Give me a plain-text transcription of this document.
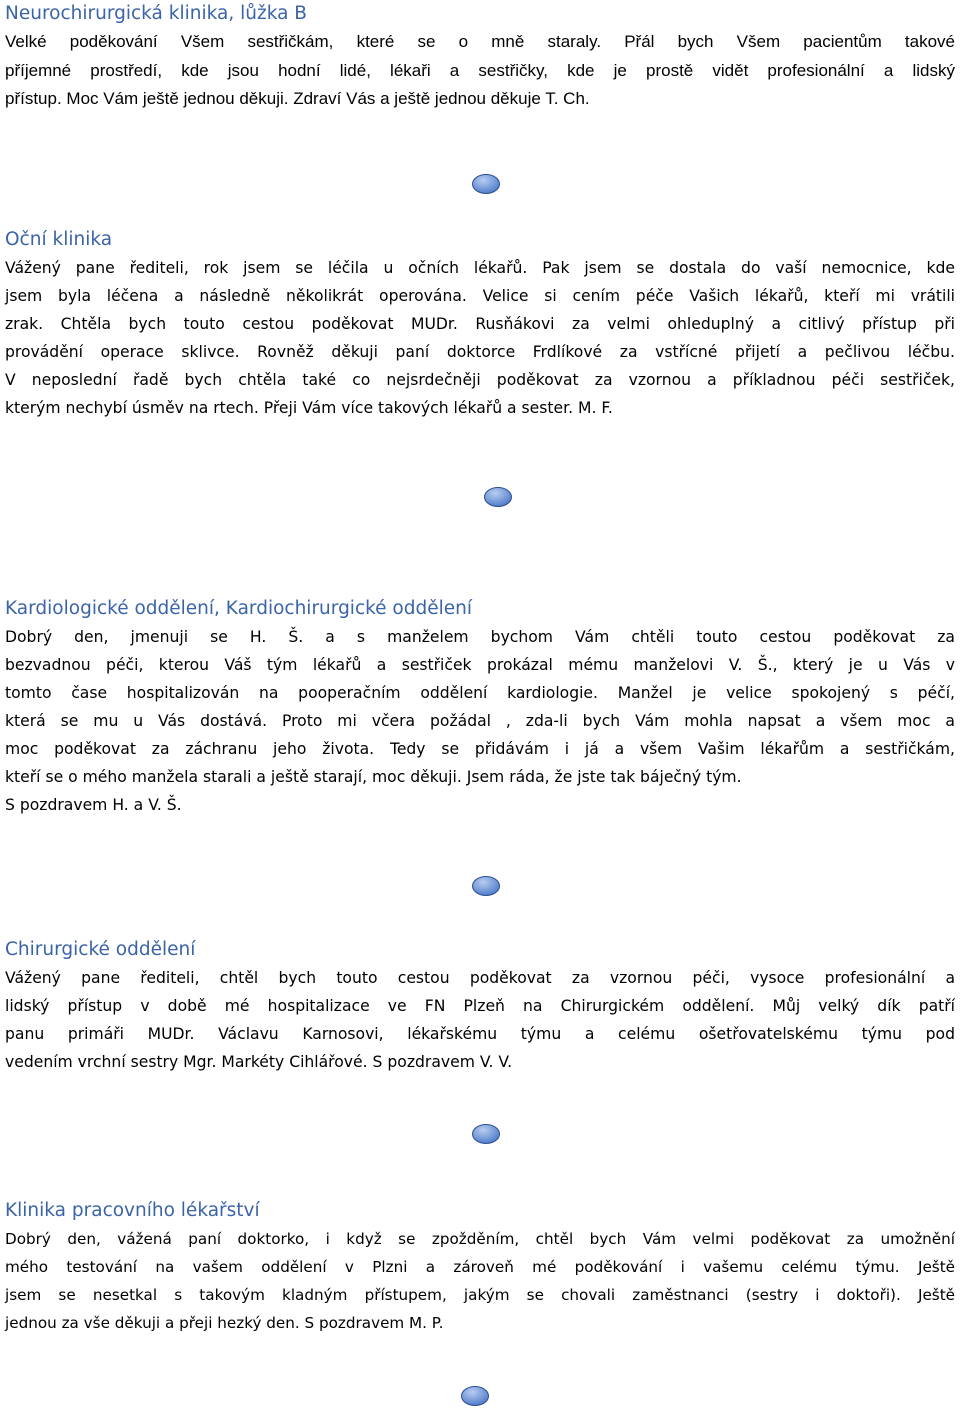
Neurochirurgická klinika, lůžka B
Velké poděkování Všem sestřičkám, které se o mně staraly. Přál bych Všem pacientům takové
příjemné prostředí, kde jsou hodní lidé, lékaři a sestřičky, kde je prostě vidět profesionální a lidský
přístup. Moc Vám ještě jednou děkuji. Zdraví Vás a ještě jednou děkuje T. Ch.
Oční klinika
Vážený pane řediteli, rok jsem se léčila u očních lékařů. Pak jsem se dostala do vaší nemocnice, kde
jsem byla léčena a následně několikrát operována. Velice si cením péče Vašich lékařů, kteří mi vrátili
zrak. Chtěla bych touto cestou poděkovat MUDr. Rusňákovi za velmi ohleduplný a citlivý přístup při
provádění operace sklivce. Rovněž děkuji paní doktorce Frdlíkové za vstřícné přijetí a pečlivou léčbu.
V neposlední řadě bych chtěla také co nejsrdečněji poděkovat za vzornou a příkladnou péči sestřiček,
kterým nechybí úsměv na rtech. Přeji Vám více takových lékařů a sester. M. F.
Kardiologické oddělení, Kardiochirurgické oddělení
Dobrý den, jmenuji se H. Š. a s manželem bychom Vám chtěli touto cestou poděkovat za
bezvadnou péči, kterou Váš tým lékařů a sestřiček prokázal mému manželovi V. Š., který je u Vás v
tomto čase hospitalizován na pooperačním oddělení kardiologie. Manžel je velice spokojený s péčí,
která se mu u Vás dostává. Proto mi včera požádal , zda-li bych Vám mohla napsat a všem moc a
moc poděkovat za záchranu jeho života. Tedy se přidávám i já a všem Vašim lékařům a sestřičkám,
kteří se o mého manžela starali a ještě starají, moc děkuji. Jsem ráda, že jste tak báječný tým.
S pozdravem H. a V. Š.
Chirurgické oddělení
Vážený pane řediteli, chtěl bych touto cestou poděkovat za vzornou péči, vysoce profesionální a
lidský přístup v době mé hospitalizace ve FN Plzeň na Chirurgickém oddělení. Můj velký dík patří
panu primáři MUDr. Václavu Karnosovi, lékařskému týmu a celému ošetřovatelskému týmu pod
vedením vrchní sestry Mgr. Markéty Cihlářové. S pozdravem V. V.
Klinika pracovního lékařství
Dobrý den, vážená paní doktorko, i když se zpožděním, chtěl bych Vám velmi poděkovat za umožnění
mého testování na vašem oddělení v Plzni a zároveň mé poděkování i vašemu celému týmu. Ještě
jsem se nesetkal s takovým kladným přístupem, jakým se chovali zaměstnanci (sestry i doktoři). Ještě
jednou za vše děkuji a přeji hezký den. S pozdravem M. P.
